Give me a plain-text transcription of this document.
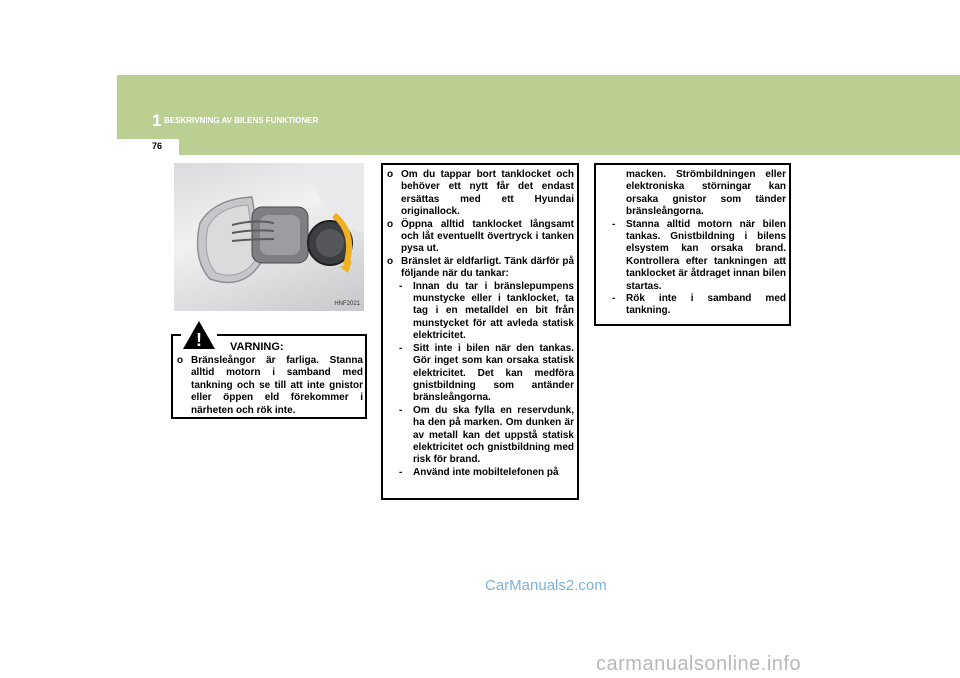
1 BESKRIVNING AV BILENS FUNKTIONER
76
HNF2021
!	VARNING:
o Bränsleångor är farliga. Stanna alltid motorn i samband med tankning och se till att inte gnistor eller öppen eld förekommer i närheten och rök inte.
o Om du tappar bort tanklocket och behöver ett nytt får det endast ersättas med ett Hyundai originallock.
o Öppna alltid tanklocket långsamt och låt eventuellt övertryck i tanken pysa ut.
o Bränslet är eldfarligt. Tänk därför på följande när du tankar:
- Innan du tar i bränslepumpens munstycke eller i tanklocket, ta tag i en metalldel en bit från munstycket för att avleda statisk elektricitet.
- Sitt inte i bilen när den tankas. Gör inget som kan orsaka statisk elektricitet. Det kan medföra gnistbildning som antänder bränsleångorna.
- Om du ska fylla en reservdunk, ha den på marken. Om dunken är av metall kan det uppstå statisk elektricitet och gnistbildning med risk för brand.
- Använd inte mobiltelefonen på
macken. Strömbildningen eller elektroniska störningar kan orsaka gnistor som tänder bränsleångorna.
- Stanna alltid motorn när bilen tankas. Gnistbildning i bilens elsystem kan orsaka brand. Kontrollera efter tankningen att tanklocket är åtdraget innan bilen startas.
- Rök inte i samband med tankning.
CarManuals2.com
carmanualsonline.info
